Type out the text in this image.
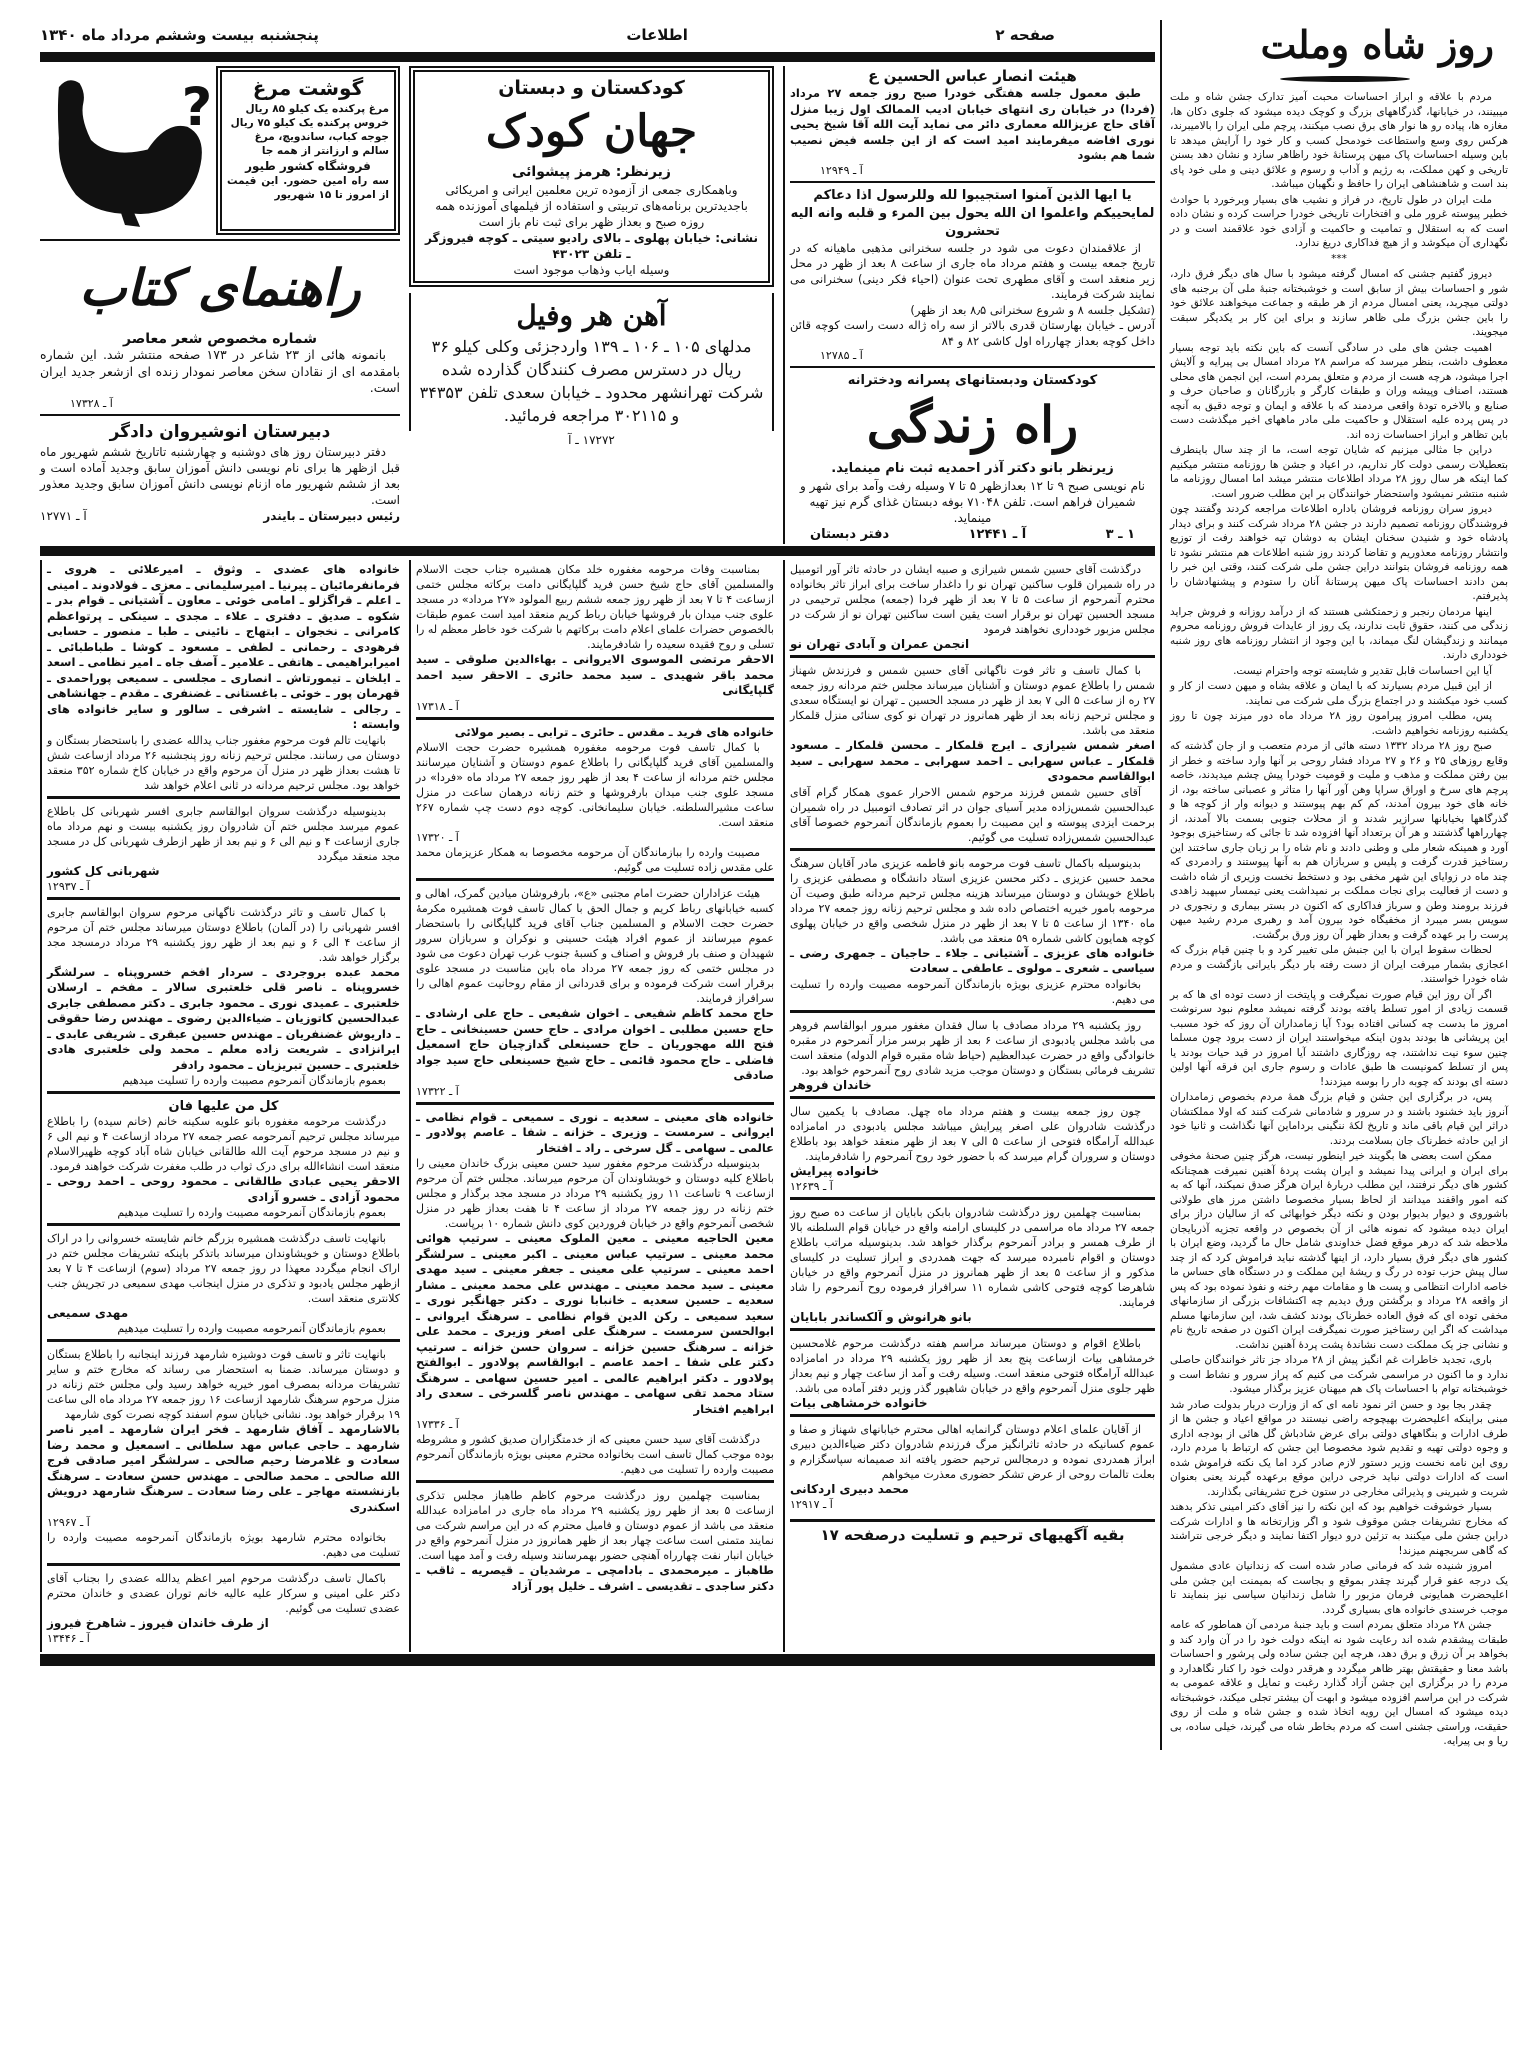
روز شاه وملت

مردم با علاقه و ابراز احساسات محبت آمیز تدارک جشن شاه و ملت میبینند، در خیابانها، گذرگاههای بزرگ و کوچک دیده میشود که جلوی دکان ها، مغازه ها، پیاده رو ها نوار های برق نصب میکنند، پرچم ملی ایران را بالامیبرند، هرکس روی وسع واستطاعت خودمحل کسب و کار خود را آرایش میدهد تا باین وسیله احساسات پاک میهن پرستانهٔ خود راظاهر سازد و نشان دهد بسنن تاریخی و کهن مملکت، به رژیم و آداب و رسوم و علائق دینی و ملی خود پای بند است و شاهنشاهی ایران را حافظ و نگهبان میباشد.

ملت ایران در طول تاریخ، در فراز و نشیب های بسیار وبرخورد با حوادث خطیر پیوسته غرور ملی و افتخارات تاریخی خودرا حراست کرده و نشان داده است که به استقلال و تمامیت و حاکمیت و آزادی خود علاقمند است و در نگهداری آن میکوشد و از هیچ فداکاری دریغ ندارد.

***

دیروز گفتیم جشنی که امسال گرفته میشود با سال های دیگر فرق دارد، شور و احساسات بیش از سابق است و خوشبختانه جنبهٔ ملی آن برجنبه های دولتی میچربد، یعنی امسال مردم از هر طبقه و جماعت میخواهند علائق خود را باین جشن بزرگ ملی ظاهر سازند و برای این کار بر یکدیگر سبقت میجویند.

اهمیت جشن های ملی در سادگی آنست که باین نکته باید توجه بسیار معطوف داشت، بنظر میرسد که مراسم ۲۸ مرداد امسال بی پیرایه و آلایش اجرا میشود، هرچه هست از مردم و متعلق بمردم است، این انجمن های محلی هستند، اصناف وپیشه وران و طبقات کارگر و بازرگانان و صاحبان حرف و صنایع و بالاخره تودهٔ واقعی مردمند که با علاقه و ایمان و توجه دقیق به آنچه در پس پرده علیه استقلال و حاکمیت ملی مادر ماههای اخیر میگذشت دست باین تظاهر و ابراز احساسات زده اند.

دراین جا مثالی میزنیم که شایان توجه است، ما از چند سال باینطرف بتعطیلات رسمی دولت کار نداریم، در اعیاد و جشن ها روزنامه منتشر میکنیم کما اینکه هر سال روز ۲۸ مرداد اطلاعات منتشر میشد اما امسال روزنامه ما شنبه منتشر نمیشود واستحضار خوانندگان بر این مطلب ضرور است.

دیروز سران روزنامه فروشان باداره اطلاعات مراجعه کردند وگفتند چون فروشندگان روزنامه تصمیم دارند در جشن ۲۸ مرداد شرکت کنند و برای دیدار پادشاه خود و شنیدن سخنان ایشان به دوشان تپه خواهند رفت از توزیع وانتشار روزنامه معذوریم و تقاضا کردند روز شنبه اطلاعات هم منتشر نشود تا همه روزنامه فروشان بتوانند دراین جشن ملی شرکت کنند، وقتی این خبر را بمن دادند احساسات پاک میهن پرستانهٔ آنان را ستودم و پیشنهادشان را پذیرفتم.

اینها مردمان رنجبر و زحمتکشی هستند که از درآمد روزانه و فروش جراید زندگی می کنند، حقوق ثابت ندارند، یک روز از عایدات فروش روزنامه محروم میمانند و زندگیشان لنگ میماند، با این وجود از انتشار روزنامه های روز شنبه خودداری دارند.

آیا این احساسات قابل تقدیر و شایسته توجه واحترام نیست.

از این قبیل مردم بسیارند که با ایمان و علاقه بشاه و میهن دست از کار و کسب خود میکشند و در اجتماع بزرگ ملی شرکت می نمایند.

پس، مطلب امروز پیرامون روز ۲۸ مرداد ماه دور میزند چون تا روز یکشنبه روزنامه نخواهیم داشت.

صبح روز ۲۸ مرداد ۱۳۳۲ دسته هائی از مردم متعصب و از جان گذشته که وقایع روزهای ۲۵ و ۲۶ و ۲۷ مرداد فشار روحی بر آنها وارد ساخته و خطر از بین رفتن مملکت و مذهب و ملیت و قومیت خودرا پیش چشم میدیدند، خاصه پرچم های سرخ و اوراق سراپا وهن آور آنها را متاثر و عصبانی ساخته بود، از خانه های خود بیرون آمدند، کم کم بهم پیوستند و دیوانه وار از کوچه ها و گذرگاهها بخیابانها سرازیر شدند و از محلات جنوبی بسمت بالا آمدند، از چهارراهها گذشتند و هر آن برتعداد آنها افزوده شد تا جائی که رستاخیزی بوجود آورد و همینکه شعار ملی و وطنی دادند و نام شاه را بر زبان جاری ساختند این رستاخیز قدرت گرفت و پلیس و سربازان هم به آنها پیوستند و رادمردی که چند ماه در زوایای این شهر مخفی بود و دستخط نخست وزیری از شاه داشت و دست از فعالیت برای نجات مملکت بر نمیداشت یعنی تیمسار سپهبد زاهدی فرزند برومند وطن و سرباز فداکاری که اکنون در بستر بیماری و رنجوری در سویس بسر میبرد از مخفیگاه خود بیرون آمد و رهبری مردم رشید میهن پرست را بر عهده گرفت و بعداز ظهر آن روز ورق برگشت.

لحظات سقوط ایران با این جنبش ملی تغییر کرد و با چنین قیام بزرگ که اعجازی بشمار میرفت ایران از دست رفته بار دیگر بایرانی بازگشت و مردم شاه خودرا خواستند.

اگر آن روز این قیام صورت نمیگرفت و پایتخت از دست توده ای ها که بر قسمت زیادی از امور تسلط یافته بودند گرفته نمیشد معلوم نبود سرنوشت امروز ما بدست چه کسانی افتاده بود؟ آیا زمامداران آن روز که خود مسبب این پریشانی ها بودند بدون اینکه میخواستند ایران از دست برود چون مسلما چنین سوء نیت نداشتند، چه روزگاری داشتند آیا امروز در قید حیات بودند یا پس از تسلط کمونیست ها طبق عادات و رسوم جاری این فرقه آنها اولین دسته ای بودند که چوبه دار را بوسه میزدند!

پس، در برگزاری این جشن و قیام بزرگ همهٔ مردم بخصوص زمامداران آنروز باید خشنود باشند و در سرور و شادمانی شرکت کنند که اولا مملکتشان دراثر این قیام باقی ماند و تاریخ لکهٔ ننگینی برداماین آنها نگذاشت و ثانیا خود از این حادثه خطرناک جان بسلامت بردند.

ممکن است بعضی ها بگویند خیر اینطور نیست، هرگز چنین صحنهٔ مخوفی برای ایران و ایرانی پیدا نمیشد و ایران پشت پردهٔ آهنین نمیرفت همچنانکه کشور های دیگر نرفتند، این مطلب دربارهٔ ایران هرگز صدق نمیکند، آنها که به کنه امور واقفند میدانند از لحاظ بسیار مخصوصا داشتن مرز های طولانی باشوروی و دیوار بدیوار بودن و نکته دیگر خوابهائی که از سالیان دراز برای ایران دیده میشود که نمونه هائی از آن بخصوص در واقعه تجزیه آذربایجان ملاحظه شد که درهر موقع فضل خداوندی شامل حال ما گردید، وضع ایران با کشور های دیگر فرق بسیار دارد، از اینها گذشته نباید فراموش کرد که از چند سال پیش حزب توده در رگ و ریشهٔ این مملکت و در دستگاه های حساس ما خاصه ادارات انتظامی و پست ها و مقامات مهم رخنه و نفوذ نموده بود که پس از واقعه ۲۸ مرداد و برگشتن ورق دیدیم چه اکتشافات بزرگی از سازمانهای مخفی توده ای که فوق العاده خطرناک بودند کشف شد، این سازمانها مسلم میداشت که اگر این رستاخیز صورت نمیگرفت ایران اکنون در صفحه تاریخ نام و نشانی جز یک مملکت دست نشاندهٔ پشت پردهٔ آهنین نداشت.

باری، تجدید خاطرات غم انگیز پیش از ۲۸ مرداد جز تاثر خوانندگان حاصلی ندارد و ما اکنون در مراسمی شرکت می کنیم که پراز سرور و نشاط است و خوشبختانه توام با احساسات پاک هم میهنان عزیز برگذار میشود.

چقدر بجا بود و حسن اثر نمود نامه ای که از وزارت دربار بدولت صادر شد مبنی براینکه اعلیحضرت بهیچوجه راضی نیستند در مواقع اعیاد و جشن ها از طرف ادارات و بنگاههای دولتی برای عرض شادباش گل هائی از بودجه اداری و وجوه دولتی تهیه و تقدیم شود مخصوصا این جشن که ارتباط با مردم دارد، روی این نامه نخست وزیر دستور لازم صادر کرد اما یک نکته فراموش شده است که ادارات دولتی نباید خرجی دراین موقع برعهده گیرند یعنی بعنوان شربت و شیرینی و پذیرائی مخارجی در ستون خرج تشریفاتی بگذارند.

بسیار خوشوقت خواهیم بود که این نکته را نیز آقای دکتر امینی تذکر بدهند که مخارج تشریفات جشن موقوف شود و اگر وزارتخانه ها و ادارات شرکت دراین جشن ملی میکنند به تزئین درو دیوار اکتفا نمایند و دیگر خرجی نتراشند که گاهی سربجهنم میزند!

امروز شنیده شد که فرمانی صادر شده است که زندانیان عادی مشمول یک درجه عفو قرار گیرند چقدر بموقع و بجاست که بمیمنت این جشن ملی اعلیحضرت همایونی فرمان مزبور را شامل زندانیان سیاسی نیز بنمایند تا موجب خرسندی خانواده های بسیاری گردد.

جشن ۲۸ مرداد متعلق بمردم است و باید جنبهٔ مردمی آن هماطور که عامه طبقات پیشقدم شده اند رعایت شود نه اینکه دولت خود را در آن وارد کند و بخواهد بر آن زرق و برق دهد، هرچه این جشن ساده ولی پرشور و احساسات باشد معنا و حقیقتش بهتر ظاهر میگردد و هرقدر دولت خود را کنار نگاهدارد و مردم را در برگزاری این جشن آزاد گذارد رغبت و تمایل و علاقه عمومی به شرکت در این مراسم افزوده میشود و ابهت آن بیشتر تجلی میکند، خوشبختانه دیده میشود که امسال این رویه اتخاذ شده و جشن شاه و ملت از روی حقیقت، وراستی جشنی است که مردم بخاطر شاه می گیرند، خیلی ساده، بی ریا و بی پیرایه.

پنجشنبه بیست وششم مرداد ماه ۱۳۴۰	اطلاعات	صفحه ۲
?	گوشت مرغ
مرغ پرکنده یک کیلو ۸۵ ریال
خروس پرکنده یک کیلو ۷۵ ریال
جوجه کباب، ساندویچ، مرغ
سالم و ارزانتر از همه جا
فروشگاه کشور طیور
سه راه امین حضور. این قیمت از امروز تا ۱۵ شهریور
راهنمای کتاب
شماره مخصوص شعر معاصر
بانمونه هائی از ۲۳ شاعر در ۱۷۳ صفحه منتشر شد. این شماره بامقدمه ای از نقادان سخن معاصر نمودار زنده ای ازشعر جدید ایران است.
آ ـ ۱۷۳۲۸
دبیرستان انوشیروان دادگر
دفتر دبیرستان روز های دوشنبه و چهارشنبه تاتاریخ ششم شهریور ماه قبل ازظهر ها برای نام نویسی دانش آموزان سابق وجدید آماده است و بعد از ششم شهریور ماه ازنام نویسی دانش آموزان سابق وجدید معذور است.
رئیس دبیرستان ـ بایندر
آ ـ ۱۲۷۷۱
کودکستان و دبستان
جهان کودک
زیرنظر: هرمز پیشوائی
وباهمکاری جمعی از آزموده ترین معلمین ایرانی و امریکائی باجدیدترین برنامه‌های تربیتی و استفاده از فیلمهای آموزنده همه روزه صبح و بعداز ظهر برای ثبت نام باز است
نشانی: خیابان پهلوی ـ بالای رادیو سیتی ـ کوچه فیروزگر ـ تلفن ۴۳۰۲۳
وسیله ایاب وذهاب موجود است
آهن هر وفیل
مدلهای ۱۰۵ ـ ۱۰۶ ـ ۱۳۹ واردجزئی وکلی کیلو ۳۶ ریال در دسترس مصرف کنندگان گذارده شده
شرکت تهرانشهر محدود ـ خیابان سعدی تلفن ۳۴۳۵۳ و ۳۰۲۱۱۵ مراجعه فرمائید.
۱۷۲۷۲ ـ آ
هیئت انصار عباس الحسین ع
طبق معمول جلسه هفتگی خودرا صبح روز جمعه ۲۷ مرداد (فردا) در خیابان ری انتهای خیابان ادیب الممالک اول زیبا منزل آقای حاج عزیزالله معماری دائر می نماید آیت الله آقا شیخ یحیی نوری افاضه میفرمایند امید است که از این جلسه فیض نصیب شما هم بشود
آ ـ ۱۲۹۴۹
یا ایها الذین آمنوا استجیبوا لله وللرسول اذا دعاکم لمایحییکم واعلموا ان الله یحول بین المرء و قلبه وانه الیه تحشرون
از علاقمندان دعوت می شود در جلسه سخنرانی مذهبی ماهیانه که در تاریخ جمعه بیست و هفتم مرداد ماه جاری از ساعت ۸ بعد از ظهر در محل زیر منعقد است و آقای مطهری تحت عنوان (احیاء فکر دینی) سخنرانی می نمایند شرکت فرمایند.
(تشکیل جلسه ۸ و شروع سخنرانی ۸٫۵ بعد از ظهر)
آدرس ـ خیابان بهارستان قدری بالاتر از سه راه ژاله دست راست کوچه قائن داخل کوچه بعداز چهارراه اول کاشی ۸۲ و ۸۴
آ ـ ۱۲۷۸۵
کودکستان ودبستانهای پسرانه ودخترانه
راه زندگی
زیرنظر بانو دکتر آذر احمدیه ثبت نام مینماید.
نام نویسی صبح ۹ تا ۱۲ بعدازظهر ۵ تا ۷ وسیله رفت وآمد برای شهر و شمیران فراهم است. تلفن ۷۱۰۴۸ بوفه دبستان غذای گرم نیز تهیه مینماید.
۱ ـ ۳
آ ـ ۱۲۴۴۱
دفتر دبستان

خانواده های عضدی ـ وثوق ـ امیرعلائی ـ هروی ـ فرمانفرمائیان ـ پیرنیا ـ امیرسلیمانی ـ معزی ـ فولادوند ـ امینی ـ اعلم ـ قراگزلو ـ امامی خوئی ـ معاون ـ آشتیانی ـ قوام بدر ـ شکوه ـ صدیق ـ دفتری ـ علاء ـ مجدی ـ سینکی ـ پرتواعظم کامرانی ـ نخجوان ـ ابتهاج ـ نائینی ـ طبا ـ منصور ـ حسابی فرهودی ـ رحمانی ـ لطفی ـ مسعود ـ کوشا ـ طباطبائی ـ امیرابراهیمی ـ هاتفی ـ علامیر ـ آصف جاه ـ امیر نظامی ـ اسعد ـ ایلخان ـ تیمورتاش ـ انصاری ـ مجلسی ـ سمیعی پوراحمدی ـ قهرمان پور ـ خوئی ـ باغستانی ـ غضنفری ـ مقدم ـ جهانشاهی ـ رجالی ـ شایسته ـ اشرفی ـ سالور و سایر خانواده های وابسته :

بانهایت تالم فوت مرحوم مغفور جناب یدالله عضدی را باستحضار بستگان و دوستان می رسانند. مجلس ترحیم زنانه روز پنجشنبه ۲۶ مرداد ازساعت شش تا هشت بعداز ظهر در منزل آن مرحوم واقع در خیابان کاخ شماره ۳۵۲ منعقد خواهد بود. مجلس ترحیم مردانه در ثانی اعلام خواهد شد

بدینوسیله درگذشت سروان ابوالقاسم جابری افسر شهربانی کل باطلاع عموم میرسد مجلس ختم آن شادروان روز یکشنبه بیست و نهم مرداد ماه جاری ازساعت ۴ و نیم الی ۶ و نیم بعد از ظهر ازطرف شهربانی کل در مسجد مجد منعقد میگردد

شهربانی کل کشور

آ ـ ۱۲۹۳۷

با کمال تاسف و تاثر درگذشت ناگهانی مرحوم سروان ابوالقاسم جابری افسر شهربانی را (در آلمان) باطلاع دوستان میرساند مجلس ختم آن مرحوم از ساعت ۴ الی ۶ و نیم بعد از ظهر روز یکشنبه ۲۹ مرداد درمسجد مجد برگزار خواهد شد.

محمد عبده بروجردی ـ سردار افخم خسروپناه ـ سرلشگر خسروپناه ـ ناصر قلی خلعتبری سالار ـ مفخم ـ ارسلان خلعتبری ـ عمیدی نوری ـ محمود جابری ـ دکتر مصطفی جابری عبدالحسین کاتوزیان ـ ضیاءالدین رضوی ـ مهندس رضا حقوقی ـ داریوش غضنفریان ـ مهندس حسین عبقری ـ شریفی عابدی ـ ایرانزادی ـ شریعت زاده معلم ـ محمد ولی خلعتبری هادی خلعتبری ـ حسین تبریزیان ـ محمود رادفر

بعموم بازماندگان آنمرحوم مصیبت وارده را تسلیت میدهیم

کل من علیها فان

درگذشت مرحومه مغفوره بانو علویه سکینه خانم (خانم سیده) را باطلاع میرساند مجلس ترحیم آنمرحومه عصر جمعه ۲۷ مرداد ازساعت ۴ و نیم الی ۶ و نیم در مسجد مرحوم آیت الله طالقانی خیابان شاه آباد کوچه ظهیرالاسلام منعقد است انشاءالله برای درک ثواب در طلب مغفرت شرکت خواهند فرمود.

الاحقر یحیی عبادی طالقانی ـ محمود روحی ـ احمد روحی ـ محمود آزادی ـ خسرو آزادی

بعموم بازماندگان آنمرحومه مصیبت وارده را تسلیت میدهیم

بانهایت تاسف درگذشت همشیره بزرگم خانم شایسته خسروانی را در اراک باطلاع دوستان و خویشاوندان میرساند باتذکر باینکه تشریفات مجلس ختم در اراک انجام میگردد معهذا در روز جمعه ۲۷ مرداد (سوم) ازساعت ۴ تا ۷ بعد ازظهر مجلس یادبود و تذکری در منزل اینجانب مهدی سمیعی در تجریش جنب کلانتری منعقد است.

مهدی سمیعی

بعموم بازماندگان آنمرحومه مصیبت وارده را تسلیت میدهیم

بانهایت تاثر و تاسف فوت دوشیزه شارمهد فرزند اینجانبه را باطلاع بستگان و دوستان میرساند. ضمنا به استحضار می رساند که مخارج ختم و سایر تشریفات مردانه بمصرف امور خیریه خواهد رسید ولی مجلس ختم زنانه در منزل مرحوم سرهنگ شارمهد ازساعت ۱۶ روز جمعه ۲۷ مرداد ماه الی ساعت ۱۹ برقرار خواهد بود. نشانی خیابان سوم اسفند کوچه نصرت کوی شارمهد

بالاشارمهد ـ آفاق شارمهد ـ فخر ایران شارمهد ـ امیر ناصر شارمهد ـ حاجی عباس مهد سلطانی ـ اسمعیل و محمد رضا سعادت و غلامرضا رحیم صالحی ـ سرلشگر امیر صادقی فرج الله صالحی ـ محمد صالحی ـ مهندس حسن سعادت ـ سرهنگ بازنشسته مهاجر ـ علی رضا سعادت ـ سرهنگ شارمهد درویش اسکندری

آ ـ ۱۲۹۶۷

بخانواده محترم شارمهد بویژه بازماندگان آنمرحومه مصیبت وارده را تسلیت می دهیم.

باکمال تاسف درگذشت مرحوم امیر اعظم یدالله عضدی را بجناب آقای دکتر علی امینی و سرکار علیه عالیه خانم توران عضدی و خاندان محترم عضدی تسلیت می گوئیم.

از طرف خاندان فیروز ـ شاهرخ فیروز

آ ـ ۱۳۴۴۶

بمناسبت وفات مرحومه مغفوره خلد مکان همشیره جناب حجت الاسلام والمسلمین آقای حاج شیخ حسن فرید گلپایگانی دامت برکاته مجلس ختمی ازساعت ۴ تا ۷ بعد از ظهر روز جمعه ششم ربیع المولود «۲۷ مرداد» در مسجد علوی جنب میدان بار فروشها خیابان رباط کریم منعقد امید است عموم طبقات بالخصوص حضرات علمای اعلام دامت برکاتهم با شرکت خود خاطر معظم له را تسلی و روح فقیده سعیده را شادفرمایند.

الاحقر مرتضی الموسوی الایروانی ـ بهاءالدین صلوقی ـ سید محمد باقر شهیدی ـ سید محمد حائری ـ الاحقر سید احمد گلپایگانی

آ ـ ۱۷۳۱۸

خانواده های فرید ـ مقدس ـ حائری ـ ترابی ـ بصیر مولائی

با کمال تاسف فوت مرحومه مغفوره همشیره حضرت حجت الاسلام والمسلمین آقای فرید گلپایگانی را باطلاع عموم دوستان و آشنایان میرسانند مجلس ختم مردانه از ساعت ۴ بعد از ظهر روز جمعه ۲۷ مرداد ماه «فردا» در مسجد علوی جنب میدان بارفروشها و ختم زنانه درهمان ساعت در منزل ساعت مشیرالسلطنه. خیابان سلیمانخانی. کوچه دوم دست چپ شماره ۲۶۷ منعقد است.

آ ـ ۱۷۳۲۰

مصیبت وارده را ببازماندگان آن مرحومه مخصوصا به همکار عزیزمان محمد علی مقدس زاده تسلیت می گوئیم.

هیئت عزاداران حضرت امام مجتبی «ع»، بارفروشان میادین گمرک، اهالی و کسبه خیابانهای رباط کریم و جمال الحق با کمال تاسف فوت همشیره مکرمهٔ حضرت حجت الاسلام و المسلمین جناب آقای فرید گلپایگانی را باستحضار عموم میرسانند از عموم افراد هیئت حسینی و نوکران و سربازان سرور شهیدان و صنف بار فروش و اصناف و کسبهٔ جنوب غرب تهران دعوت می شود در مجلس ختمی که روز جمعه ۲۷ مرداد ماه باین مناسبت در مسجد علوی برقرار است شرکت فرموده و برای قدردانی از مقام روحانیت عموم اهالی را سرافراز فرمایند.

حاج محمد کاظم شفیعی ـ اخوان شفیعی ـ حاج علی ارشادی ـ حاج حسین مطلبی ـ اخوان مرادی ـ حاج حسن حسینخانی ـ حاج فتح الله مهجوریان ـ حاج حسینعلی گدازچیان حاج اسمعیل فاضلی ـ حاج محمود قائمی ـ حاج شیخ حسینعلی حاج سید جواد صادقی

آ ـ ۱۷۳۲۲

خانواده های معینی ـ سعدیه ـ نوری ـ سمیعی ـ قوام نظامی ـ ایروانی ـ سرمست ـ وزیری ـ خزانه ـ شفا ـ عاصم پولادور ـ عالمی ـ سهامی ـ گل سرخی ـ راد ـ افتخار

بدینوسیله درگذشت مرحوم مغفور سید حسن معینی بزرگ خاندان معینی را باطلاع کلیه دوستان و خویشاوندان آن مرحوم میرساند. مجلس ختم آن مرحوم ازساعت ۹ تاساعت ۱۱ روز یکشنبه ۲۹ مرداد در مسجد مجد برگذار و مجلس ختم زنانه در روز جمعه ۲۷ مرداد از ساعت ۴ تا هفت بعداز ظهر در منزل شخصی آنمرحوم واقع در خیابان فروردین کوی دانش شماره ۱۰ برپاست.

معین الحاجیه معینی ـ معین الملوک معینی ـ سرتیپ هوائی محمد معینی ـ سرتیپ عباس معینی ـ اکبر معینی ـ سرلشگر احمد معینی ـ سرتیپ علی معینی ـ جعفر معینی ـ سید مهدی معینی ـ سید محمد معینی ـ مهندس علی محمد معینی ـ مشار سعدیه ـ حسین سعدیه ـ خانبابا نوری ـ دکتر جهانگیر نوری ـ سعید سمیعی ـ رکن الدین قوام نظامی ـ سرهنگ ایروانی ـ ابوالحسن سرمست ـ سرهنگ علی اصغر وزیری ـ محمد علی خزانه ـ سرهنگ حسین خزانه ـ سروان حسن خزانه ـ سرتیپ دکتر علی شفا ـ احمد عاصم ـ ابوالقاسم پولادور ـ ابوالفتح پولادور ـ دکتر ابراهیم عالمی ـ امیر حسین سهامی ـ سرهنگ ستاد محمد تقی سهامی ـ مهندس ناصر گلسرخی ـ سعدی راد ابراهیم افتخار

آ ـ ۱۷۳۳۶

درگذشت آقای سید حسن معینی که از خدمتگزاران صدیق کشور و مشروطه بوده موجب کمال تاسف است بخانواده محترم معینی بویژه بازماندگان آنمرحوم مصیبت وارده را تسلیت می دهیم.

بمناسبت چهلمین روز درگذشت مرحوم کاظم طاهباز مجلس تذکری ازساعت ۵ بعد از ظهر روز یکشنبه ۲۹ مرداد ماه جاری در امامزاده عبدالله منعقد می باشد از عموم دوستان و فامیل محترم که در این مراسم شرکت می نمایند متمنی است ساعت چهار بعد از ظهر همانروز در منزل آنمرحوم واقع در خیابان انبار نفت چهارراه آهنچی حضور بهمرسانند وسیله رفت و آمد مهیا است.

طاهباز ـ میرمحمدی ـ بادامچی ـ مرشدیان ـ قیصریه ـ ثاقب ـ دکتر ساجدی ـ تقدیسی ـ اشرف ـ خلیل پور آزاد

درگذشت آقای حسین شمس شیرازی و صبیه ایشان در حادثه تاثر آور اتومبیل در راه شمیران قلوب ساکنین تهران نو را داغدار ساخت برای ابراز تاثر بخانواده محترم آنمرحوم از ساعت ۵ تا ۷ بعد از ظهر فردا (جمعه) مجلس ترحیمی در مسجد الحسین تهران نو برقرار است یقین است ساکنین تهران نو از شرکت در مجلس مزبور خودداری نخواهند فرمود

انجمن عمران و آبادی تهران نو

با کمال تاسف و تاثر فوت ناگهانی آقای حسین شمس و فرزندش شهناز شمس را باطلاع عموم دوستان و آشنایان میرساند مجلس ختم مردانه روز جمعه ۲۷ ره از ساعت ۵ الی ۷ بعد از ظهر در مسجد الحسین ـ تهران نو ایستگاه سعدی و مجلس ترحیم زنانه بعد از ظهر همانروز در تهران نو کوی سنائی منزل قلمکار منعقد می باشد.

اصغر شمس شیرازی ـ ایرج قلمکار ـ محسن قلمکار ـ مسعود قلمکار ـ عباس سهرابی ـ احمد سهرابی ـ محمد سهرابی ـ سید ابوالقاسم محمودی

آقای حسین شمس فرزند مرحوم شمس الاحرار عموی همکار گرام آقای عبدالحسین شمس‌زاده مدیر آسیای جوان در اثر تصادف اتومبیل در راه شمیران برحمت ایزدی پیوسته و این مصیبت را بعموم بازماندگان آنمرحوم خصوصا آقای عبدالحسین شمس‌زاده تسلیت می گوئیم.

بدینوسیله باکمال تاسف فوت مرحومه بانو فاطمه عزیزی مادر آقایان سرهنگ محمد حسین عزیزی ـ دکتر محسن عزیزی استاد دانشگاه و مصطفی عزیزی را باطلاع خویشان و دوستان میرساند هزینه مجلس ترحیم مردانه طبق وصیت آن مرحومه بامور خیریه اختصاص داده شد و مجلس ترحیم زنانه روز جمعه ۲۷ مرداد ماه ۱۳۴۰ از ساعت ۵ تا ۷ بعد از ظهر در منزل شخصی واقع در خیابان پهلوی کوچه همایون کاشی شماره ۵۹ منعقد می باشد.

خانواده های عزیزی ـ آشتیانی ـ جلاء ـ حاجیان ـ جمهری رضی ـ سیاسی ـ شعری ـ مولوی ـ عاطفی ـ سعادت

بخانواده محترم عزیزی بویژه بازماندگان آنمرحومه مصیبت وارده را تسلیت می دهیم.

روز یکشنبه ۲۹ مرداد مصادف با سال فقدان مغفور مبرور ابوالقاسم فروهر می باشد مجلس یادبودی از ساعت ۶ بعد از ظهر برسر مزار آنمرحوم در مقبره خانوادگی واقع در حضرت عبدالعظیم (حیاط شاه مقبره قوام الدوله) منعقد است تشریف فرمائی بستگان و دوستان موجب مزید شادی روح آنمرحوم خواهد بود.

خاندان فروهر

چون روز جمعه بیست و هفتم مرداد ماه چهل. مصادف با یکمین سال درگذشت شادروان علی اصغر پیرایش میباشد مجلس یادبودی در امامزاده عبدالله آرامگاه فتوحی از ساعت ۵ الی ۷ بعد از ظهر منعقد خواهد بود باطلاع دوستان و سروران گرام میرسد که با حضور خود روح آنمرحوم را شادفرمایند.

خانواده پیرایش

آ ـ ۱۲۶۳۹

بمناسبت چهلمین روز درگذشت شادروان بابکن بابایان از ساعت ده صبح روز جمعه ۲۷ مرداد ماه مراسمی در کلیسای ارامنه واقع در خیابان قوام السلطنه بالا از طرف همسر و برادر آنمرحوم برگذار خواهد شد. بدینوسیله مراتب باطلاع دوستان و اقوام نامبرده میرسد که جهت همدردی و ابراز تسلیت در کلیسای مذکور و از ساعت ۵ بعد از ظهر همانروز در منزل آنمرحوم واقع در خیابان شاهرضا کوچه فتوحی کاشی شماره ۱۱ سرافراز فرموده روح آنمرحوم را شاد فرمایند.

بانو هرانوش و آلکساندر بابایان

باطلاع اقوام و دوستان میرساند مراسم هفته درگذشت مرحوم غلامحسین خرمشاهی بیات ازساعت پنج بعد از ظهر روز یکشنبه ۲۹ مرداد در امامزاده عبدالله آرامگاه فتوحی منعقد است. وسیله رفت و آمد از ساعت چهار و نیم بعداز ظهر جلوی منزل آنمرحوم واقع در خیابان شاهپور گذر وزیر دفتر آماده می باشد.

خانواده خرمشاهی بیات

از آقایان علمای اعلام دوستان گرانمایه اهالی محترم خیابانهای شهناز و صفا و عموم کسانیکه در حادثه تاثرانگیز مرگ فرزندم شادروان دکتر ضیاءالدین دبیری ابراز همدردی نموده و درمجالس ترحیم حضور یافته اند صمیمانه سپاسگزارم و بعلت تالمات روحی از عرض تشکر حضوری معذرت میخواهم

محمد دبیری اردکانی

آ ـ ۱۲۹۱۷

بقیه آگهیهای ترحیم و تسلیت درصفحه ۱۷
